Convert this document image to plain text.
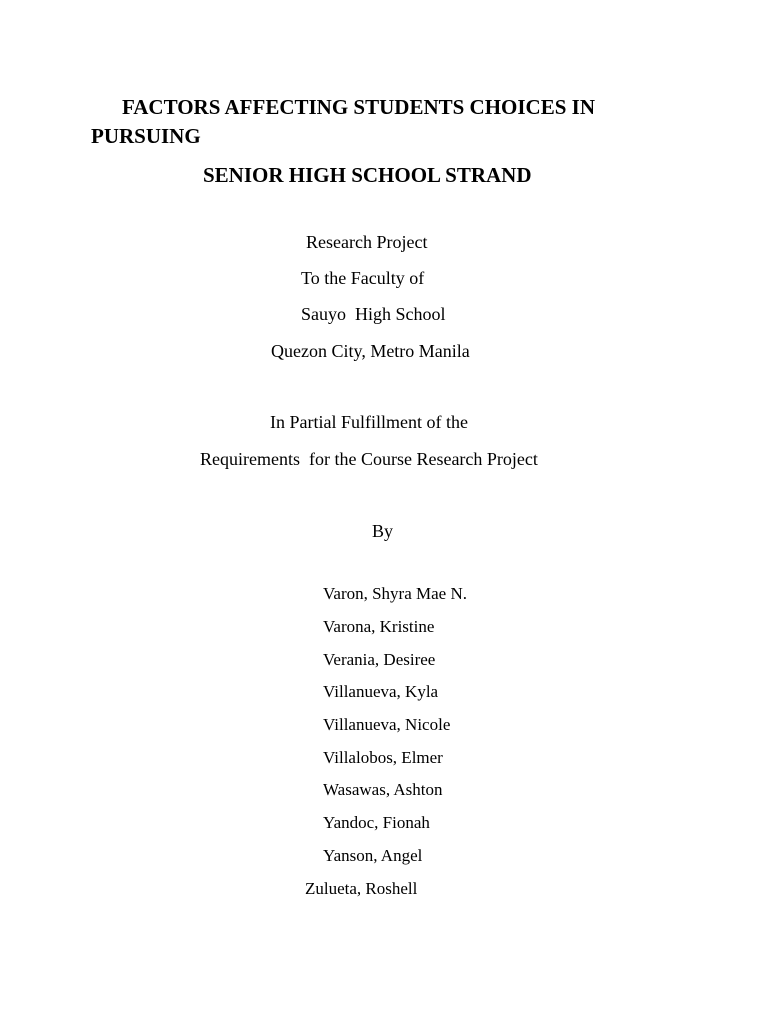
FACTORS AFFECTING STUDENTS CHOICES IN
PURSUING
SENIOR HIGH SCHOOL STRAND
Research Project
To the Faculty of
Sauyo  High School
Quezon City, Metro Manila
In Partial Fulfillment of the
Requirements  for the Course Research Project
By
Varon, Shyra Mae N.
Varona, Kristine
Verania, Desiree
Villanueva, Kyla
Villanueva, Nicole
Villalobos, Elmer
Wasawas, Ashton
Yandoc, Fionah
Yanson, Angel
Zulueta, Roshell
